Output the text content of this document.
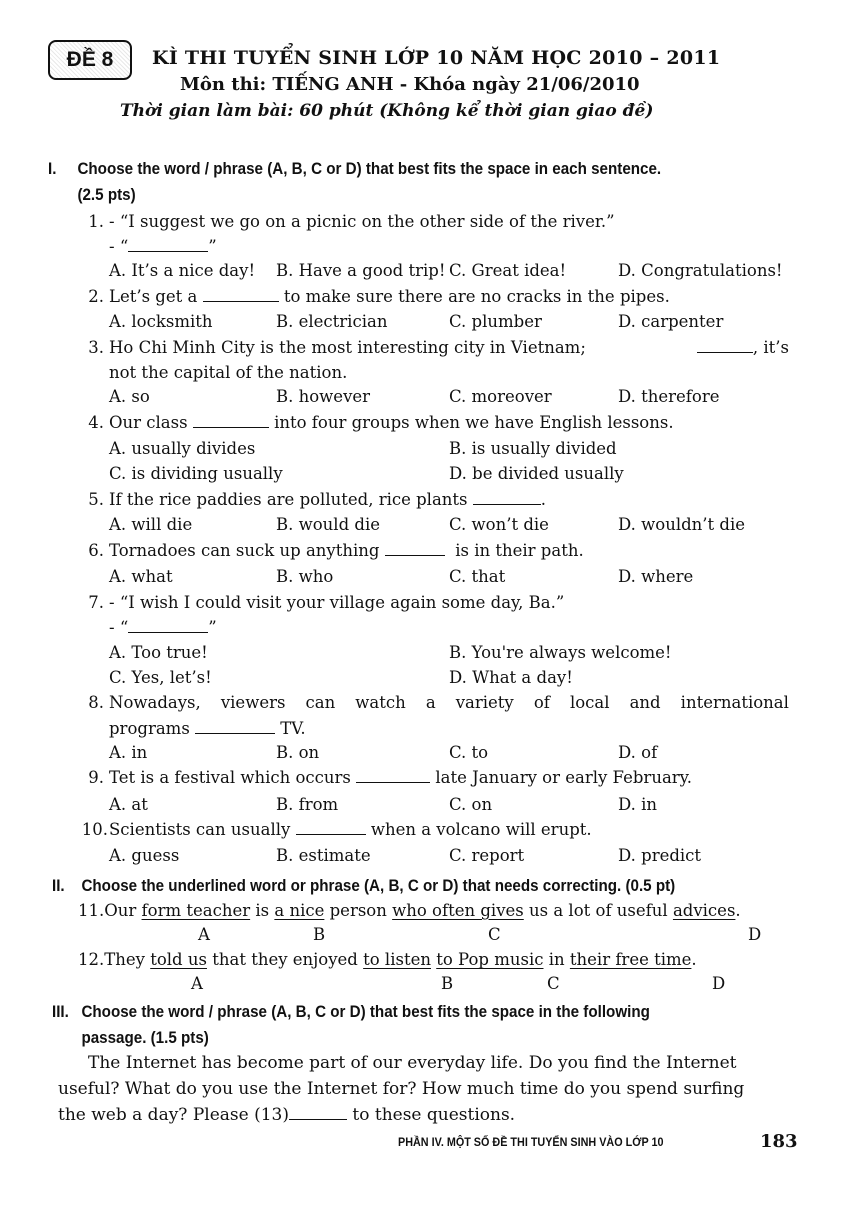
ĐỀ 8	KÌ THI TUYỂN SINH LỚP 10 NĂM HỌC 2010 – 2011
Môn thi: TIẾNG ANH - Khóa ngày 21/06/2010
Thời gian làm bài: 60 phút (Không kể thời gian giao đề)
I. Choose the word / phrase (A, B, C or D) that best fits the space in each sentence.
(2.5 pts)
1. - “I suggest we go on a picnic on the other side of the river.”
- “	”
A. It’s a nice day! B. Have a good trip! C. Great idea!	D. Congratulations!
2. Let’s get a	to make sure there are no cracks in the pipes.
A. locksmith	B. electrician	C. plumber	D. carpenter
3. Ho Chi Minh City is the most interesting city in Vietnam;	, it’s
not the capital of the nation.
A. so	B. however	C. moreover	D. therefore
4. Our class	into four groups when we have English lessons.
A. usually divides	B. is usually divided
C. is dividing usually	D. be divided usually
5. If the rice paddies are polluted, rice plants	.
A. will die	B. would die	C. won’t die	D. wouldn’t die
6. Tornadoes can suck up anything	is in their path.
A. what	B. who	C. that	D. where
7. - “I wish I could visit your village again some day, Ba.”
- “	”
A. Too true!	B. You're always welcome!
C. Yes, let’s!	D. What a day!
8. Nowadays, viewers can watch a variety of local and international
programs	TV.
A. in	B. on	C. to	D. of
9. Tet is a festival which occurs	late January or early February.
A. at	B. from	C. on	D. in
10. Scientists can usually	when a volcano will erupt.
A. guess	B. estimate	C. report	D. predict
II. Choose the underlined word or phrase (A, B, C or D) that needs correcting. (0.5 pt)
11.Our form teacher is a nice person who often gives us a lot of useful advices.
A	B	C	D
12.They told us that they enjoyed to listen to Pop music in their free time.
A	B	C	D
III. Choose the word / phrase (A, B, C or D) that best fits the space in the following
passage. (1.5 pts)
The Internet has become part of our everyday life. Do you find the Internet
useful? What do you use the Internet for? How much time do you spend surfing
the web a day? Please (13)	to these questions.
PHẦN IV. MỘT SỐ ĐỀ THI TUYỂN SINH VÀO LỚP 10	183
